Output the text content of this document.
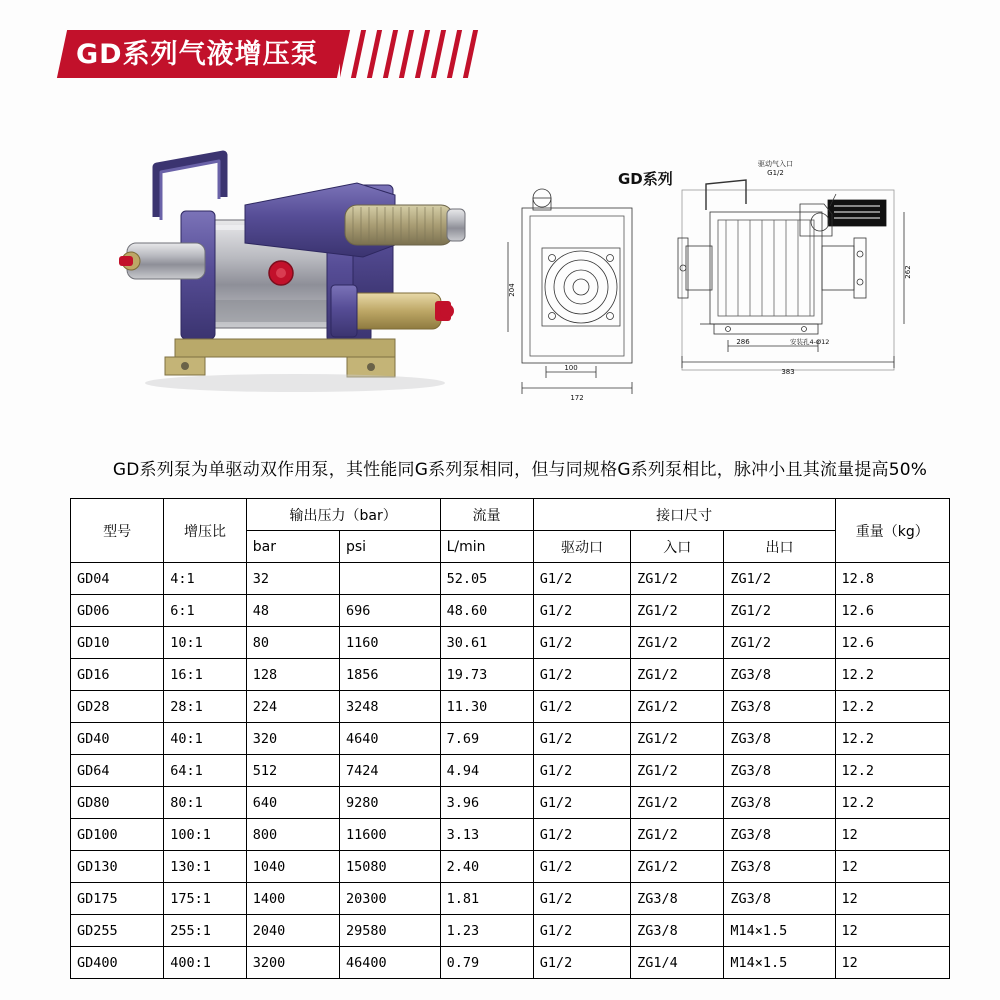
GD系列气液增压泵
100
172
286
383
安装孔4-Ø12
262
204
GD系列
驱动气入口
G1/2
GD系列泵为单驱动双作用泵，其性能同G系列泵相同，但与同规格G系列泵相比，脉冲小且其流量提高50%
型号	增压比	输出压力（bar）		流量	接口尺寸			重量（kg）
		bar	psi	L/min	驱动口	入口	出口	
GD04	4:1	32		52.05	G1/2	ZG1/2	ZG1/2	12.8
GD06	6:1	48	696	48.60	G1/2	ZG1/2	ZG1/2	12.6
GD10	10:1	80	1160	30.61	G1/2	ZG1/2	ZG1/2	12.6
GD16	16:1	128	1856	19.73	G1/2	ZG1/2	ZG3/8	12.2
GD28	28:1	224	3248	11.30	G1/2	ZG1/2	ZG3/8	12.2
GD40	40:1	320	4640	7.69	G1/2	ZG1/2	ZG3/8	12.2
GD64	64:1	512	7424	4.94	G1/2	ZG1/2	ZG3/8	12.2
GD80	80:1	640	9280	3.96	G1/2	ZG1/2	ZG3/8	12.2
GD100	100:1	800	11600	3.13	G1/2	ZG1/2	ZG3/8	12
GD130	130:1	1040	15080	2.40	G1/2	ZG1/2	ZG3/8	12
GD175	175:1	1400	20300	1.81	G1/2	ZG3/8	ZG3/8	12
GD255	255:1	2040	29580	1.23	G1/2	ZG3/8	M14×1.5	12
GD400	400:1	3200	46400	0.79	G1/2	ZG1/4	M14×1.5	12
